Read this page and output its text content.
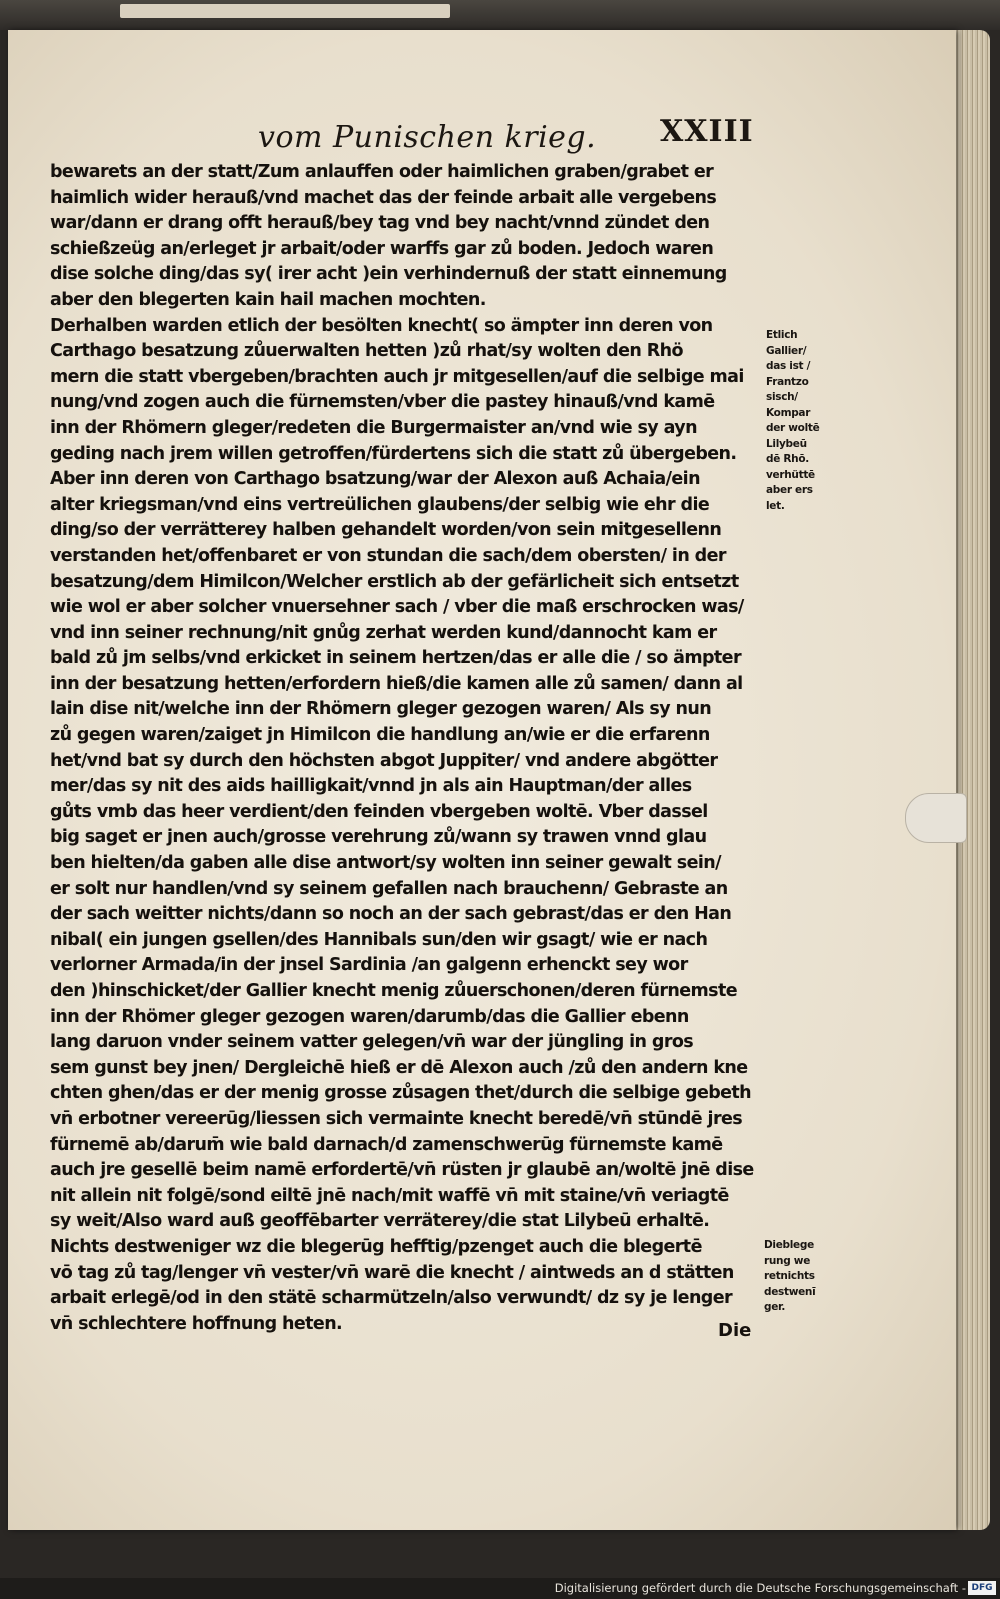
vom Punischen krieg. XXIII
bewarets an der statt/Zum anlauffen oder haimlichen graben/grabet er
haimlich wider herauß/vnd machet das der feinde arbait alle vergebens
war/dann er drang offt herauß/bey tag vnd bey nacht/vnnd zündet den
schießzeüg an/erleget jr arbait/oder warffs gar zů boden. Jedoch waren
dise solche ding/das sy( irer acht )ein verhindernuß der statt einnemung
aber den blegerten kain hail machen mochten.
Derhalben warden etlich der besölten knecht( so ämpter inn deren von
Carthago besatzung zůuerwalten hetten )zů rhat/sy wolten den Rhö
mern die statt vbergeben/brachten auch jr mitgesellen/auf die selbige mai
nung/vnd zogen auch die fürnemsten/vber die pastey hinauß/vnd kamē
inn der Rhömern gleger/redeten die Burgermaister an/vnd wie sy ayn
geding nach jrem willen getroffen/fürdertens sich die statt zů übergeben.
Aber inn deren von Carthago bsatzung/war der Alexon auß Achaia/ein
alter kriegsman/vnd eins vertreülichen glaubens/der selbig wie ehr die
ding/so der verrätterey halben gehandelt worden/von sein mitgesellenn
verstanden het/offenbaret er von stundan die sach/dem obersten/ in der
besatzung/dem Himilcon/Welcher erstlich ab der gefärlicheit sich entsetzt
wie wol er aber solcher vnuersehner sach / vber die maß erschrocken was/
vnd inn seiner rechnung/nit gnůg zerhat werden kund/dannocht kam er
bald zů jm selbs/vnd erkicket in seinem hertzen/das er alle die / so ämpter
inn der besatzung hetten/erfordern hieß/die kamen alle zů samen/ dann al
lain dise nit/welche inn der Rhömern gleger gezogen waren/ Als sy nun
zů gegen waren/zaiget jn Himilcon die handlung an/wie er die erfarenn
het/vnd bat sy durch den höchsten abgot Juppiter/ vnd andere abgötter
mer/das sy nit des aids hailligkait/vnnd jn als ain Hauptman/der alles
gůts vmb das heer verdient/den feinden vbergeben woltē. Vber dassel
big saget er jnen auch/grosse verehrung zů/wann sy trawen vnnd glau
ben hielten/da gaben alle dise antwort/sy wolten inn seiner gewalt sein/
er solt nur handlen/vnd sy seinem gefallen nach brauchenn/ Gebraste an
der sach weitter nichts/dann so noch an der sach gebrast/das er den Han
nibal( ein jungen gsellen/des Hannibals sun/den wir gsagt/ wie er nach
verlorner Armada/in der jnsel Sardinia /an galgenn erhenckt sey wor
den )hinschicket/der Gallier knecht menig zůuerschonen/deren fürnemste
inn der Rhömer gleger gezogen waren/darumb/das die Gallier ebenn
lang daruon vnder seinem vatter gelegen/vn̄ war der jüngling in gros
sem gunst bey jnen/ Dergleichē hieß er dē Alexon auch /zů den andern kne
chten ghen/das er der menig grosse zůsagen thet/durch die selbige gebeth
vn̄ erbotner vereerūg/liessen sich vermainte knecht beredē/vn̄ stūndē jres
fürnemē ab/darum̄ wie bald darnach/d zamenschwerūg fürnemste kamē
auch jre gesellē beim namē erfordertē/vn̄ rüsten jr glaubē an/woltē jnē dise
nit allein nit folgē/sond eiltē jnē nach/mit waffē vn̄ mit staine/vn̄ veriagtē
sy weit/Also ward auß geoffēbarter verräterey/die stat Lilybeū erhaltē.
Nichts destweniger wz die blegerūg hefftig/pzenget auch die blegertē
vō tag zů tag/lenger vn̄ vester/vn̄ warē die knecht / aintweds an d stätten
arbait erlegē/od in den stätē scharmützeln/also verwundt/ dz sy je lenger
vn̄ schlechtere hoffnung heten.
Etlich
Gallier/
das ist /
Frantzo
sisch/
Kompar
der woltē
Lilybeū
dē Rhō.
verhüttē
aber ers
let.
Dieblege
rung we
retnichts
destwenī
ger.
Die
Digitalisierung gefördert durch die Deutsche Forschungsgemeinschaft - DFG
